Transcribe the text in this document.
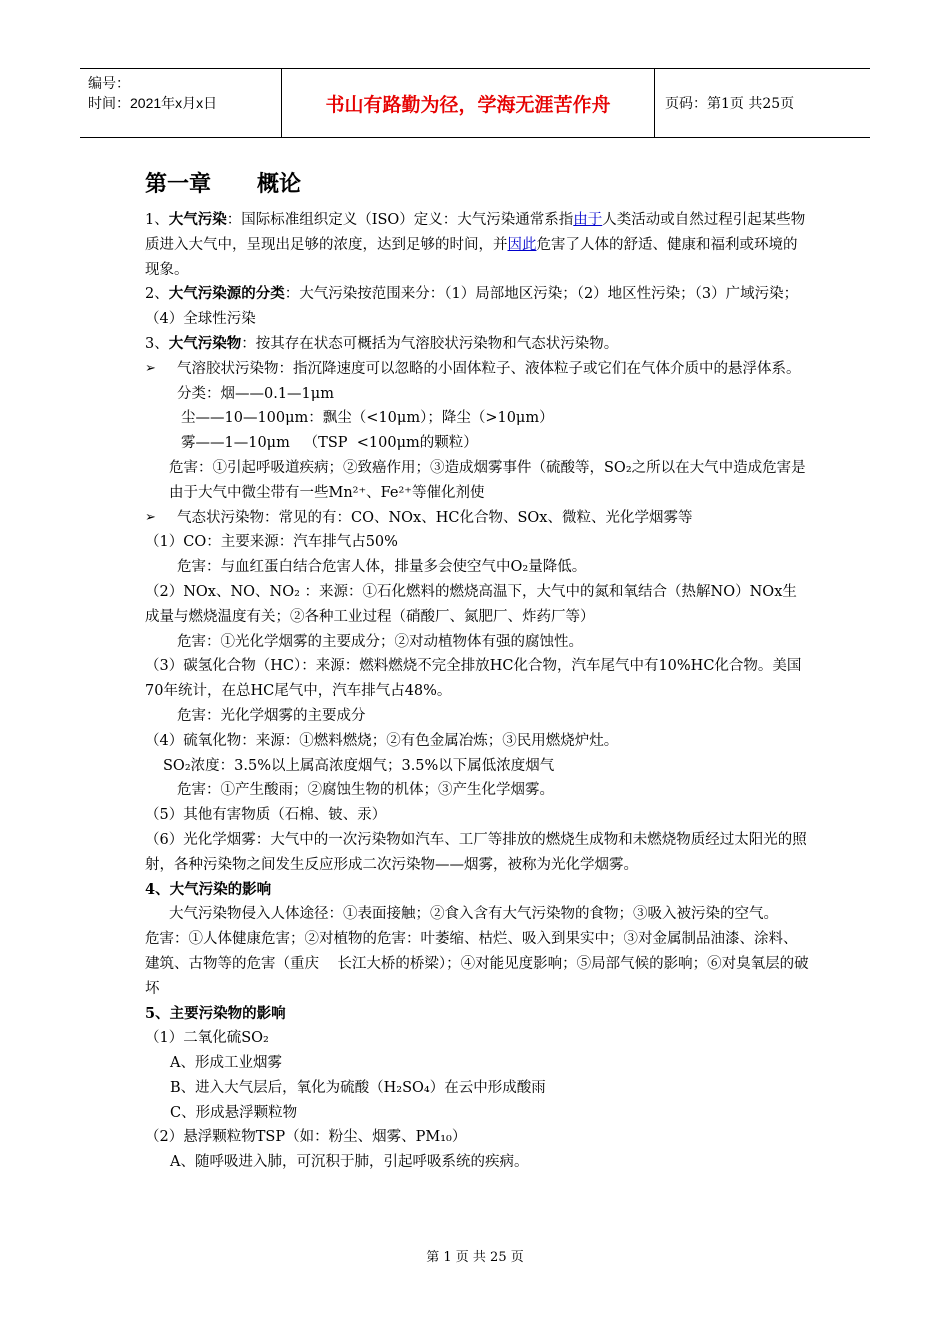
编号：
时间：2021年x月x日	书山有路勤为径，学海无涯苦作舟	页码：第1页 共25页

第一章      概论

1、大气污染：国际标准组织定义（ISO）定义：大气污染通常系指由于人类活动或自然过程引起某些物质进入大气中，呈现出足够的浓度，达到足够的时间，并因此危害了人体的舒适、健康和福利或环境的现象。

2、大气污染源的分类：大气污染按范围来分：（1）局部地区污染；（2）地区性污染；（3）广域污染；（4）全球性污染

3、大气污染物：按其存在状态可概括为气溶胶状污染物和气态状污染物。

➢	气溶胶状污染物：指沉降速度可以忽略的小固体粒子、液体粒子或它们在气体介质中的悬浮体系。

分类：烟——0.1—1μm

尘——10—100μm：飘尘（<10μm）；降尘（>10μm）

雾——1—10μm   （TSP  <100μm的颗粒）

危害：①引起呼吸道疾病；②致癌作用；③造成烟雾事件（硫酸等，SO₂之所以在大气中造成危害是由于大气中微尘带有一些Mn²⁺、Fe²⁺等催化剂使

➢	气态状污染物：常见的有：CO、NOx、HC化合物、SOx、微粒、光化学烟雾等

（1）CO：主要来源：汽车排气占50%

危害：与血红蛋白结合危害人体，排量多会使空气中O₂量降低。

（2）NOx、NO、NO₂ ：来源：①石化燃料的燃烧高温下，大气中的氮和氧结合（热解NO）NOx生成量与燃烧温度有关；②各种工业过程（硝酸厂、氮肥厂、炸药厂等）

危害：①光化学烟雾的主要成分；②对动植物体有强的腐蚀性。

（3）碳氢化合物（HC）：来源：燃料燃烧不完全排放HC化合物，汽车尾气中有10%HC化合物。美国70年统计，在总HC尾气中，汽车排气占48%。

危害：光化学烟雾的主要成分

（4）硫氧化物：来源：①燃料燃烧；②有色金属冶炼；③民用燃烧炉灶。

SO₂浓度：3.5%以上属高浓度烟气；3.5%以下属低浓度烟气

危害：①产生酸雨；②腐蚀生物的机体；③产生化学烟雾。

（5）其他有害物质（石棉、铍、汞）

（6）光化学烟雾：大气中的一次污染物如汽车、工厂等排放的燃烧生成物和未燃烧物质经过太阳光的照射，各种污染物之间发生反应形成二次污染物——烟雾，被称为光化学烟雾。

4、大气污染的影响

大气污染物侵入人体途径：①表面接触；②食入含有大气污染物的食物；③吸入被污染的空气。

危害：①人体健康危害；②对植物的危害：叶萎缩、枯烂、吸入到果实中；③对金属制品油漆、涂料、建筑、古物等的危害（重庆    长江大桥的桥梁）；④对能见度影响；⑤局部气候的影响；⑥对臭氧层的破坏

5、主要污染物的影响

（1）二氧化硫SO₂

A、形成工业烟雾

B、进入大气层后，氧化为硫酸（H₂SO₄）在云中形成酸雨

C、形成悬浮颗粒物

（2）悬浮颗粒物TSP（如：粉尘、烟雾、PM₁₀）

A、随呼吸进入肺，可沉积于肺，引起呼吸系统的疾病。

第 1 页 共 25 页
